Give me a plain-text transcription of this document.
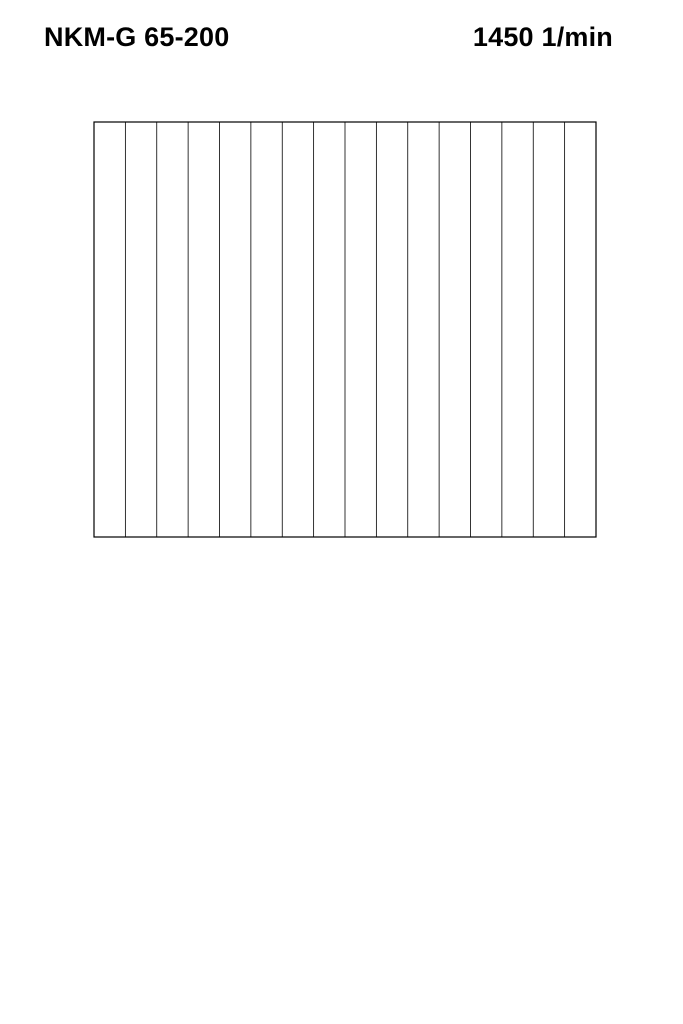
NKM-G 65-200	1450 1/min
